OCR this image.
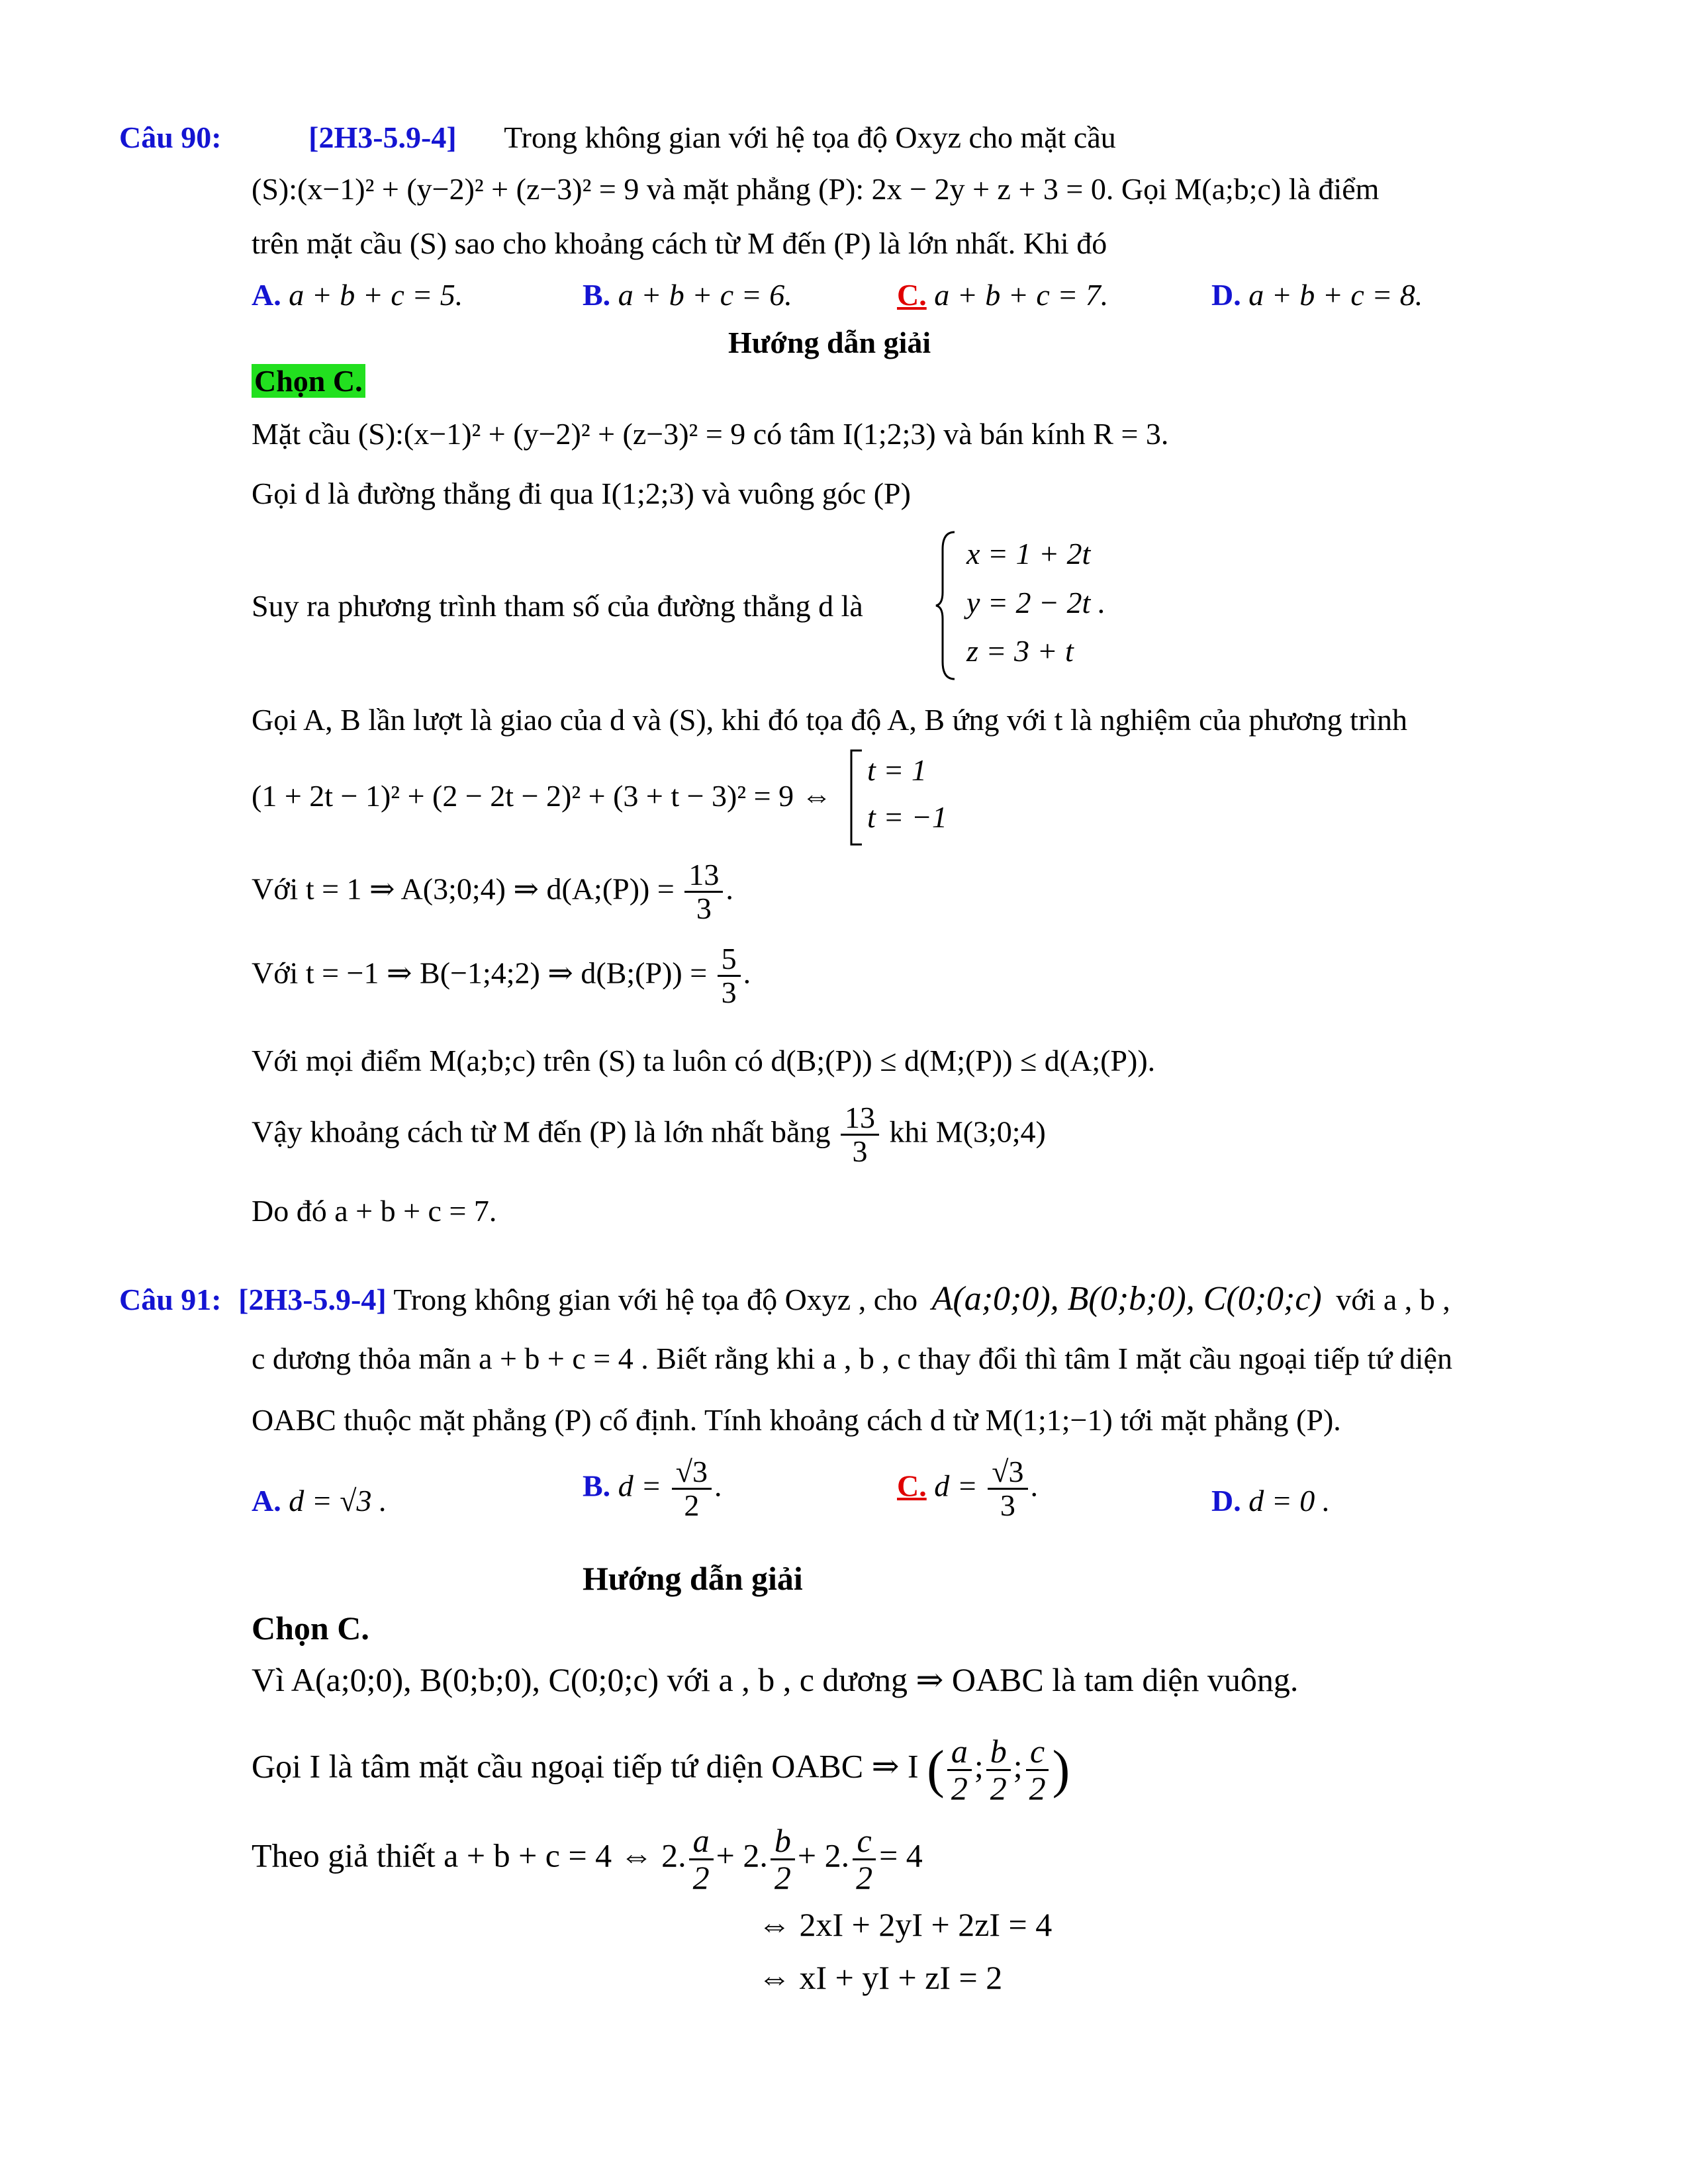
Câu 90:	[2H3-5.9-4] Trong không gian với hệ tọa độ Oxyz cho mặt cầu
(S):(x−1)² + (y−2)² + (z−3)² = 9 và mặt phẳng (P): 2x − 2y + z + 3 = 0. Gọi M(a;b;c) là điểm
trên mặt cầu (S) sao cho khoảng cách từ M đến (P) là lớn nhất. Khi đó
A. a + b + c = 5.	B. a + b + c = 6.	C. a + b + c = 7.	D. a + b + c = 8.
Hướng dẫn giải
Chọn C.
Mặt cầu (S):(x−1)² + (y−2)² + (z−3)² = 9 có tâm I(1;2;3) và bán kính R = 3.
Gọi d là đường thẳng đi qua I(1;2;3) và vuông góc (P)
Suy ra phương trình tham số của đường thẳng d là
x = 1 + 2t
y = 2 − 2t .
z = 3 + t
Gọi A, B lần lượt là giao của d và (S), khi đó tọa độ A, B ứng với t là nghiệm của phương trình
(1 + 2t − 1)² + (2 − 2t − 2)² + (3 + t − 3)² = 9 ⇔
t = 1
t = −1
Với t = 1 ⇒ A(3;0;4) ⇒ d(A;(P)) = $\frac{13}{3}$ .
Với t = −1 ⇒ B(−1;4;2) ⇒ d(B;(P)) = $\frac{5}{3}$ .
Với mọi điểm M(a;b;c) trên (S) ta luôn có d(B;(P)) ≤ d(M;(P)) ≤ d(A;(P)).
Vậy khoảng cách từ M đến (P) là lớn nhất bằng $\frac{13}{3}$ khi M(3;0;4)
Do đó a + b + c = 7.
Câu 91: [2H3-5.9-4] Trong không gian với hệ tọa độ Oxyz , cho A(a;0;0), B(0;b;0), C(0;0;c) với a , b ,
c dương thỏa mãn a + b + c = 4 . Biết rằng khi a , b , c thay đổi thì tâm I mặt cầu ngoại tiếp tứ diện
OABC thuộc mặt phẳng (P) cố định. Tính khoảng cách d từ M(1;1;−1) tới mặt phẳng (P).
A. d = √3 .	B. $d = \frac{√3}{2}$ .	C. $d = \frac{√3}{3}$ .	D. d = 0 .
Hướng dẫn giải
Chọn C.
Vì A(a;0;0), B(0;b;0), C(0;0;c) với a , b , c dương ⇒ OABC là tam diện vuông.
Gọi I là tâm mặt cầu ngoại tiếp tứ diện OABC ⇒ I ( $\frac{a}{2}$ ; $\frac{b}{2}$ ; $\frac{c}{2}$ )
Theo giả thiết a + b + c = 4 ⇔ 2. $\frac{a}{2} + 2$. $\frac{b}{2} + 2$. $\frac{c}{2} = 4$
⇔ 2xI + 2yI + 2zI = 4
⇔ xI + yI + zI = 2
